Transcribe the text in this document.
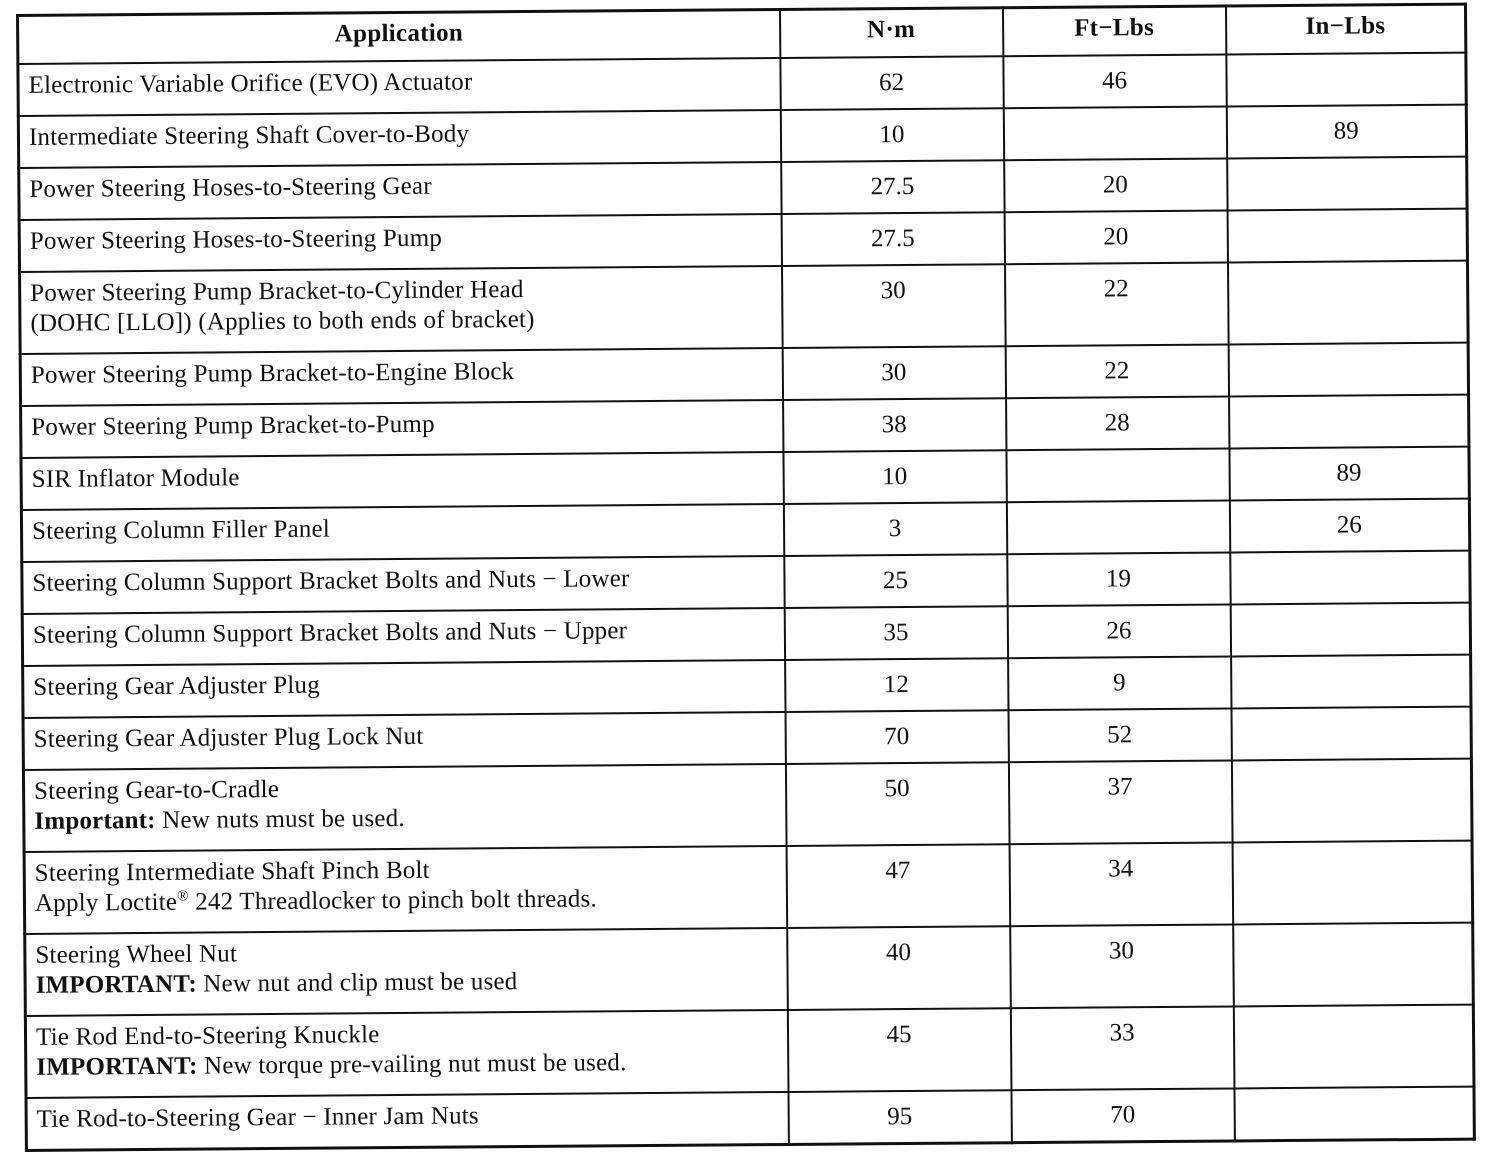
Application	N·m	Ft−Lbs	In−Lbs

Electronic Variable Orifice (EVO) Actuator	62	46	

Intermediate Steering Shaft Cover-to-Body	10		89

Power Steering Hoses-to-Steering Gear	27.5	20	

Power Steering Hoses-to-Steering Pump	27.5	20	

Power Steering Pump Bracket-to-Cylinder Head
(DOHC [LLO]) (Applies to both ends of bracket)	30	22	

Power Steering Pump Bracket-to-Engine Block	30	22	

Power Steering Pump Bracket-to-Pump	38	28	

SIR Inflator Module	10		89

Steering Column Filler Panel	3		26

Steering Column Support Bracket Bolts and Nuts − Lower	25	19	

Steering Column Support Bracket Bolts and Nuts − Upper	35	26	

Steering Gear Adjuster Plug	12	9	

Steering Gear Adjuster Plug Lock Nut	70	52	

Steering Gear-to-Cradle
Important: New nuts must be used.	50	37	

Steering Intermediate Shaft Pinch Bolt
Apply Loctite® 242 Threadlocker to pinch bolt threads.	47	34	

Steering Wheel Nut
IMPORTANT: New nut and clip must be used	40	30	

Tie Rod End-to-Steering Knuckle
IMPORTANT: New torque pre-vailing nut must be used.	45	33	

Tie Rod-to-Steering Gear − Inner Jam Nuts	95	70	
